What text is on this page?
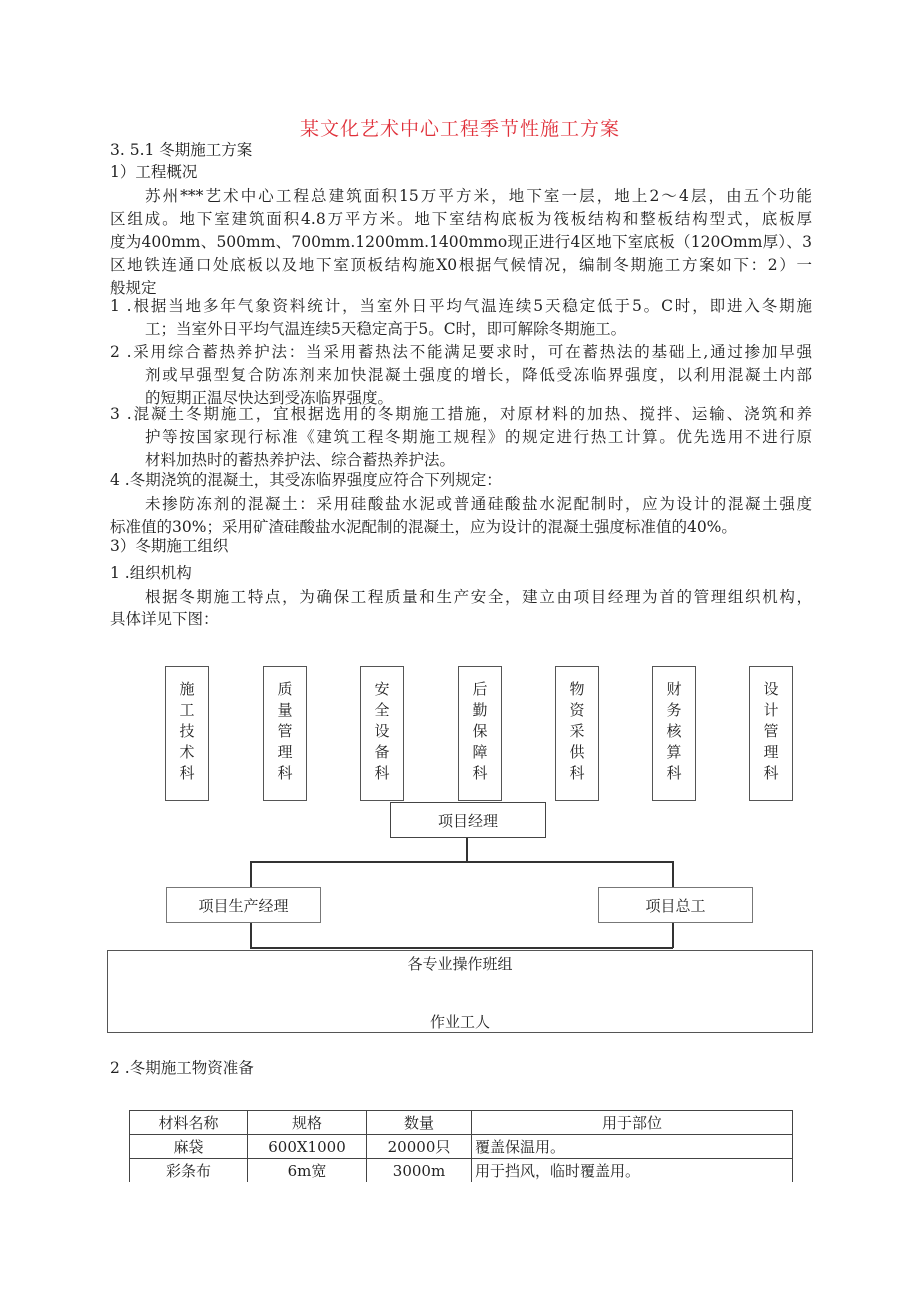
某文化艺术中心工程季节性施工方案
3. 5.1 冬期施工方案
1）工程概况
苏州***艺术中心工程总建筑面积15万平方米，地下室一层，地上2～4层，由五个功能
区组成。地下室建筑面积4.8万平方米。地下室结构底板为筏板结构和整板结构型式，底板厚
度为400mm、500mm、700mm.1200mm.1400mmo现正进行4区地下室底板（120Omm厚）、3
区地铁连通口处底板以及地下室顶板结构施X0根据气候情况，编制冬期施工方案如下：2）一
般规定
1 .根据当地多年气象资料统计，当室外日平均气温连续5天稳定低于5。C时，即进入冬期施
工；当室外日平均气温连续5天稳定高于5。C时，即可解除冬期施工。
2 .采用综合蓄热养护法：当采用蓄热法不能满足要求时，可在蓄热法的基础上,通过掺加早强
剂或早强型复合防冻剂来加快混凝土强度的增长，降低受冻临界强度，以利用混凝土内部
的短期正温尽快达到受冻临界强度。
3 .混凝土冬期施工，宜根据选用的冬期施工措施，对原材料的加热、搅拌、运输、浇筑和养
护等按国家现行标准《建筑工程冬期施工规程》的规定进行热工计算。优先选用不进行原
材料加热时的蓄热养护法、综合蓄热养护法。
4 .冬期浇筑的混凝土，其受冻临界强度应符合下列规定：
未掺防冻剂的混凝土：采用硅酸盐水泥或普通硅酸盐水泥配制时，应为设计的混凝土强度
标准值的30%；采用矿渣硅酸盐水泥配制的混凝土，应为设计的混凝土强度标准值的40%。
3）冬期施工组织
1 .组织机构
根据冬期施工特点，为确保工程质量和生产安全，建立由项目经理为首的管理组织机构，
具体详见下图：
2 .冬期施工物资准备
项目经理
项目生产经理	项目总工
各专业操作班组
作业工人
施工技术科	质量管理科	安全设备科	后勤保障科	物资采供科	财务核算科	设计管理科
材料名称	规格	数量	用于部位
麻袋	600X1000	20000只	覆盖保温用。
彩条布	6m宽	3000m	用于挡风，临时覆盖用。
